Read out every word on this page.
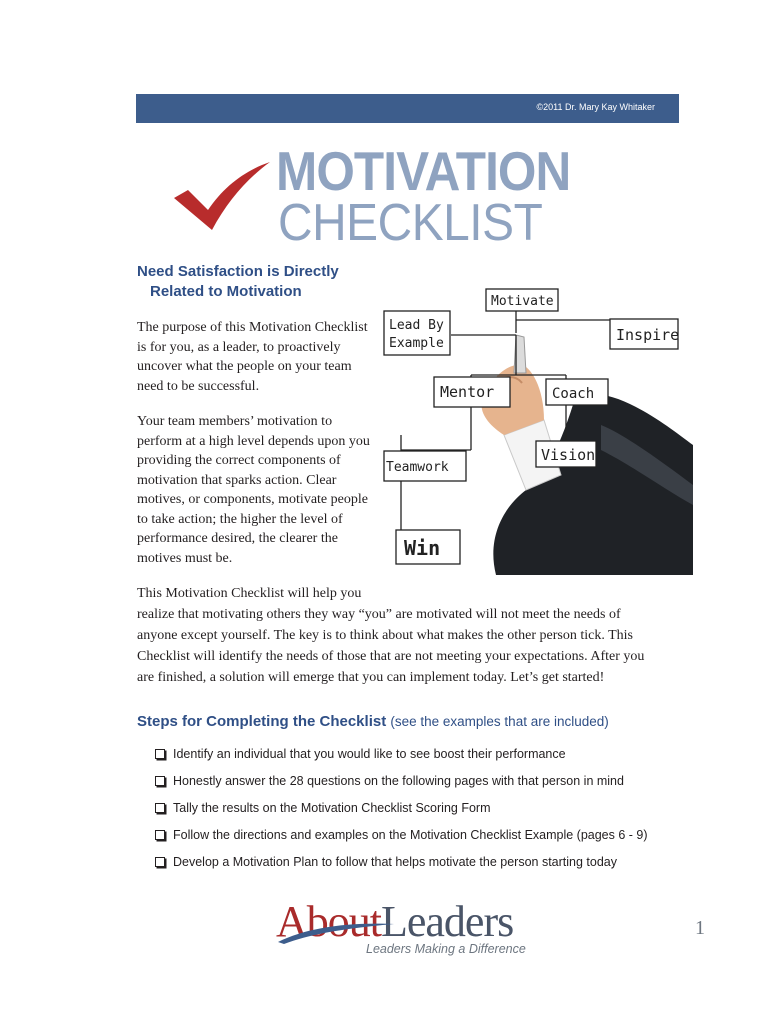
©2011 Dr. Mary Kay Whitaker
MOTIVATION
CHECKLIST
Need Satisfaction is Directly
Related to Motivation
The purpose of this Motivation Checklist is for you, as a leader, to proactively uncover what the people on your team need to be successful.
Your team members’ motivation to perform at a high level depends upon you providing the correct components of motivation that sparks action. Clear motives, or components, motivate people to take action; the higher the level of performance desired, the clearer the motives must be.
Motivate
Lead By
Example	Inspire
Mentor	Coach
Teamwork
Vision
Win
This Motivation Checklist will help you
realize that motivating others they way “you” are motivated will not meet the needs of
anyone except yourself. The key is to think about what makes the other person tick. This
Checklist will identify the needs of those that are not meeting your expectations. After you
are finished, a solution will emerge that you can implement today. Let’s get started!
Steps for Completing the Checklist (see the examples that are included)
Identify an individual that you would like to see boost their performance
Honestly answer the 28 questions on the following pages with that person in mind
Tally the results on the Motivation Checklist Scoring Form
Follow the directions and examples on the Motivation Checklist Example (pages 6 - 9)
Develop a Motivation Plan to follow that helps motivate the person starting today
AboutLeaders
Leaders Making a Difference
1
